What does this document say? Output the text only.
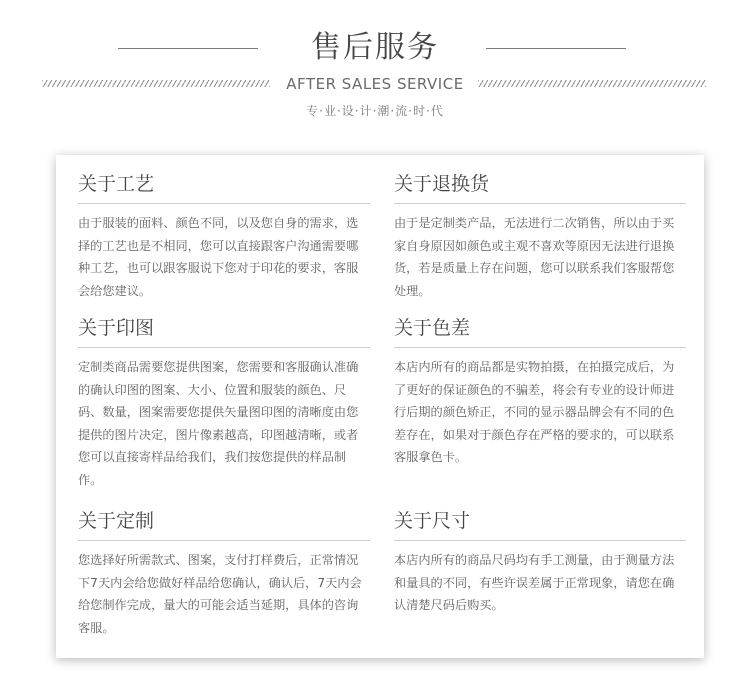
售后服务
AFTER SALES SERVICE
专·业·设·计·潮·流·时·代
关于工艺

由于服装的面料、颜色不同，以及您自身的需求，选择的工艺也是不相同，您可以直接跟客户沟通需要哪种工艺，也可以跟客服说下您对于印花的要求，客服会给您建议。

关于退换货

由于是定制类产品，无法进行二次销售，所以由于买家自身原因如颜色或主观不喜欢等原因无法进行退换货，若是质量上存在问题，您可以联系我们客服帮您处理。

关于印图

定制类商品需要您提供图案，您需要和客服确认准确的确认印图的图案、大小、位置和服装的颜色、尺码、数量，图案需要您提供矢量图印图的清晰度由您提供的图片决定，图片像素越高，印图越清晰，或者您可以直接寄样品给我们，我们按您提供的样品制作。

关于色差

本店内所有的商品都是实物拍摄，在拍摄完成后，为了更好的保证颜色的不骗差，将会有专业的设计师进行后期的颜色矫正，不同的显示器品牌会有不同的色差存在，如果对于颜色存在严格的要求的，可以联系客服拿色卡。

关于定制

您选择好所需款式、图案，支付打样费后，正常情况下7天内会给您做好样品给您确认，确认后，7天内会给您制作完成，量大的可能会适当延期，具体的咨询客服。

关于尺寸

本店内所有的商品尺码均有手工测量，由于测量方法和量具的不同，有些许误差属于正常现象，请您在确认清楚尺码后购买。
